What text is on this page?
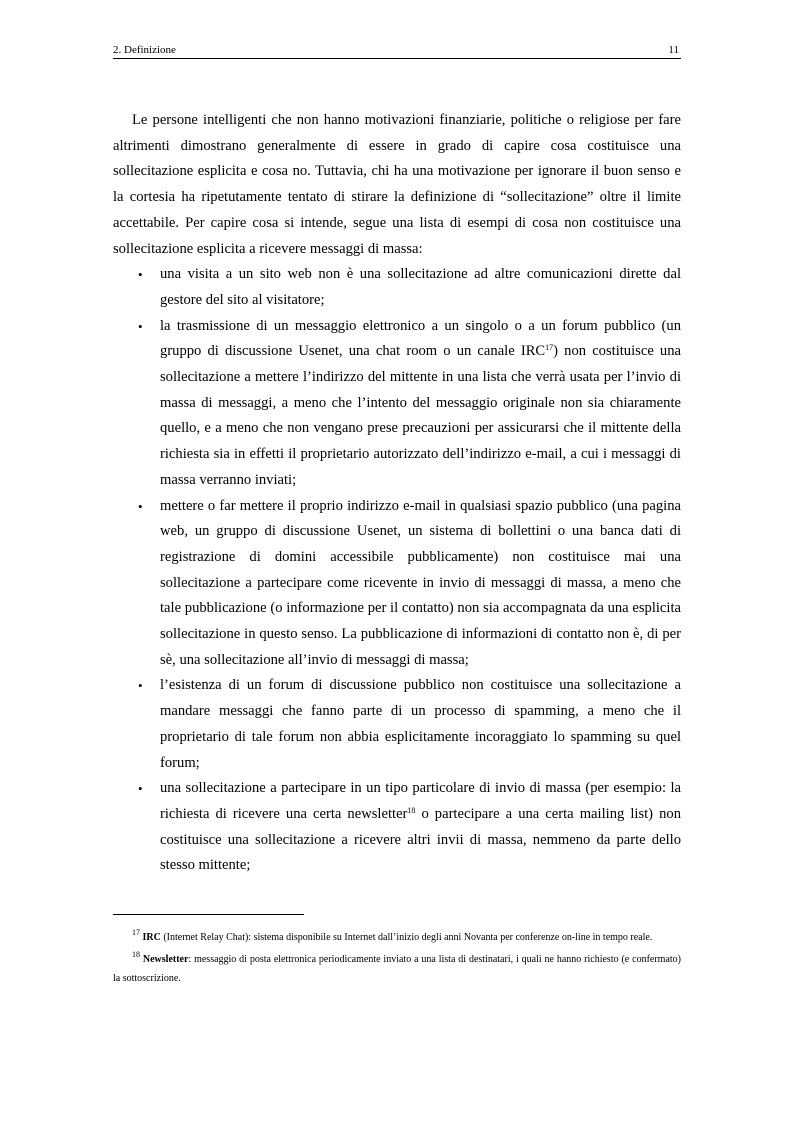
2. Definizione	11

Le persone intelligenti che non hanno motivazioni finanziarie, politiche o religiose per fare altrimenti dimostrano generalmente di essere in grado di capire cosa costituisce una sollecitazione esplicita e cosa no. Tuttavia, chi ha una motivazione per ignorare il buon senso e la cortesia ha ripetutamente tentato di stirare la definizione di “sollecitazione” oltre il limite accettabile. Per capire cosa si intende, segue una lista di esempi di cosa non costituisce una sollecitazione esplicita a ricevere messaggi di massa:

• una visita a un sito web non è una sollecitazione ad altre comunicazioni dirette dal gestore del sito al visitatore;
• la trasmissione di un messaggio elettronico a un singolo o a un forum pubblico (un gruppo di discussione Usenet, una chat room o un canale IRC$^{17}$) non costituisce una sollecitazione a mettere l’indirizzo del mittente in una lista che verrà usata per l’invio di massa di messaggi, a meno che l’intento del messaggio originale non sia chiaramente quello, e a meno che non vengano prese precauzioni per assicurarsi che il mittente della richiesta sia in effetti il proprietario autorizzato dell’indirizzo e-mail, a cui i messaggi di massa verranno inviati;
• mettere o far mettere il proprio indirizzo e-mail in qualsiasi spazio pubblico (una pagina web, un gruppo di discussione Usenet, un sistema di bollettini o una banca dati di registrazione di domini accessibile pubblicamente) non costituisce mai una sollecitazione a partecipare come ricevente in invio di messaggi di massa, a meno che tale pubblicazione (o informazione per il contatto) non sia accompagnata da una esplicita sollecitazione in questo senso. La pubblicazione di informazioni di contatto non è, di per sè, una sollecitazione all’invio di messaggi di massa;
• l’esistenza di un forum di discussione pubblico non costituisce una sollecitazione a mandare messaggi che fanno parte di un processo di spamming, a meno che il proprietario di tale forum non abbia esplicitamente incoraggiato lo spamming su quel forum;
• una sollecitazione a partecipare in un tipo particolare di invio di massa (per esempio: la richiesta di ricevere una certa newsletter$^{18}$ o partecipare a una certa mailing list) non costituisce una sollecitazione a ricevere altri invii di massa, nemmeno da parte dello stesso mittente;

$^{17}$ IRC (Internet Relay Chat): sistema disponibile su Internet dall’inizio degli anni Novanta per conferenze on-line in tempo reale.

$^{18}$ Newsletter: messaggio di posta elettronica periodicamente inviato a una lista di destinatari, i quali ne hanno richiesto (e confermato) la sottoscrizione.
